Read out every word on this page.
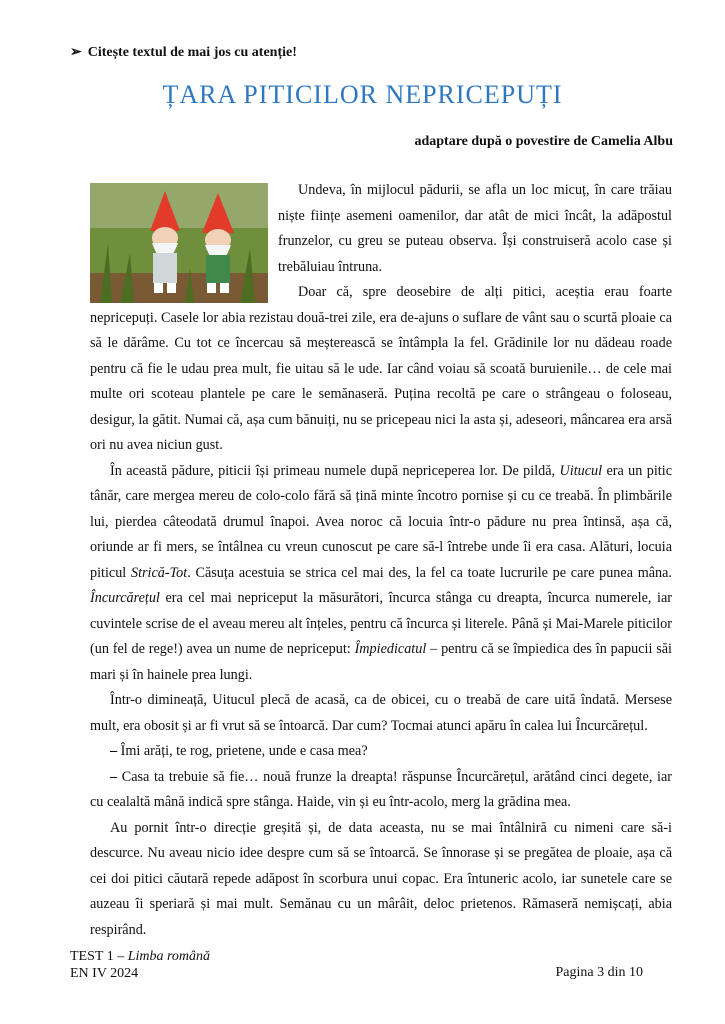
➢ Citește textul de mai jos cu atenție!
ȚARA PITICILOR NEPRICEPUȚI
adaptare după o povestire de Camelia Albu

Undeva, în mijlocul pădurii, se afla un loc micuț, în care trăiau niște ființe asemeni oamenilor, dar atât de mici încât, la adăpostul frunzelor, cu greu se puteau observa. Își construiseră acolo case și trebăluiau întruna.

Doar că, spre deosebire de alți pitici, aceștia erau foarte nepricepuți. Casele lor abia rezistau două-trei zile, era de-ajuns o suflare de vânt sau o scurtă ploaie ca să le dărâme. Cu tot ce încercau să meșterească se întâmpla la fel. Grădinile lor nu dădeau roade pentru că fie le udau prea mult, fie uitau să le ude. Iar când voiau să scoată buruienile… de cele mai multe ori scoteau plantele pe care le semănaseră. Puțina recoltă pe care o strângeau o foloseau, desigur, la gătit. Numai că, așa cum bănuiți, nu se pricepeau nici la asta și, adeseori, mâncarea era arsă ori nu avea niciun gust.

În această pădure, piticii își primeau numele după nepriceperea lor. De pildă, Uitucul era un pitic tânăr, care mergea mereu de colo-colo fără să țină minte încotro pornise și cu ce treabă. În plimbările lui, pierdea câteodată drumul înapoi. Avea noroc că locuia într-o pădure nu prea întinsă, așa că, oriunde ar fi mers, se întâlnea cu vreun cunoscut pe care să-l întrebe unde îi era casa. Alături, locuia piticul Strică-Tot. Căsuța acestuia se strica cel mai des, la fel ca toate lucrurile pe care punea mâna. Încurcărețul era cel mai nepriceput la măsurători, încurca stânga cu dreapta, încurca numerele, iar cuvintele scrise de el aveau mereu alt înțeles, pentru că încurca și literele. Până și Mai-Marele piticilor (un fel de rege!) avea un nume de nepriceput: Împiedicatul – pentru că se împiedica des în papucii săi mari și în hainele prea lungi.

Într-o dimineață, Uitucul plecă de acasă, ca de obicei, cu o treabă de care uită îndată. Mersese mult, era obosit și ar fi vrut să se întoarcă. Dar cum? Tocmai atunci apăru în calea lui Încurcărețul.

– Îmi arăți, te rog, prietene, unde e casa mea?

– Casa ta trebuie să fie… nouă frunze la dreapta! răspunse Încurcărețul, arătând cinci degete, iar cu cealaltă mână indică spre stânga. Haide, vin și eu într-acolo, merg la grădina mea.

Au pornit într-o direcție greșită și, de data aceasta, nu se mai întâlniră cu nimeni care să-i descurce. Nu aveau nicio idee despre cum să se întoarcă. Se înnorase și se pregătea de ploaie, așa că cei doi pitici căutară repede adăpost în scorbura unui copac. Era întuneric acolo, iar sunetele care se auzeau îi speriară și mai mult. Semănau cu un mârâit, deloc prietenos. Rămaseră nemișcați, abia respirând.

TEST 1 – Limba română
EN IV 2024	Pagina 3 din 10
